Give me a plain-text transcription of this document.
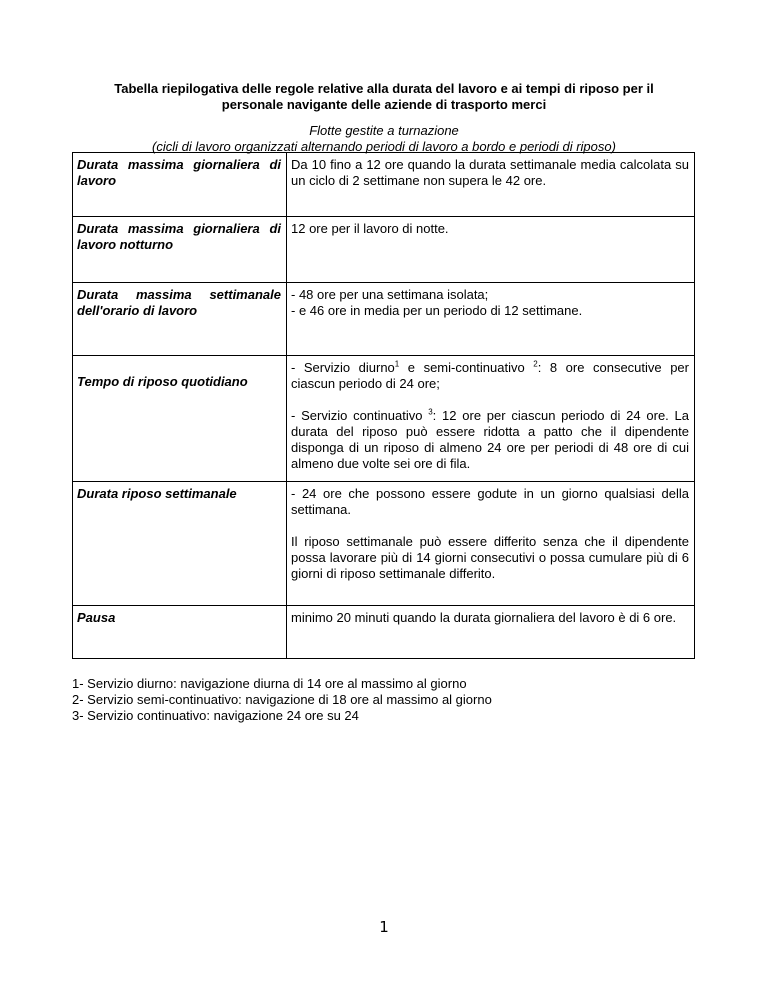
Tabella riepilogativa delle regole relative alla durata del lavoro e ai tempi di riposo per il
personale navigante delle aziende di trasporto merci
Flotte gestite a turnazione
(cicli di lavoro organizzati alternando periodi di lavoro a bordo e periodi di riposo)
Durata massima giornaliera di lavoro	Da 10 fino a 12 ore quando la durata settimanale media calcolata su un ciclo di 2 settimane non supera le 42 ore.
Durata massima giornaliera di lavoro notturno	12 ore per il lavoro di notte.
Durata massima settimanale dell'orario di lavoro	- 48 ore per una settimana isolata;
- e 46 ore in media per un periodo di 12 settimane.

Tempo di riposo quotidiano	- Servizio diurno$^1$ e semi-continuativo $^2$: 8 ore consecutive per ciascun periodo di 24 ore;

- Servizio continuativo $^3$: 12 ore per ciascun periodo di 24 ore. La durata del riposo può essere ridotta a patto che il dipendente disponga di un riposo di almeno 24 ore per periodi di 48 ore di cui almeno due volte sei ore di fila.

Durata riposo settimanale	- 24 ore che possono essere godute in un giorno qualsiasi della settimana.

Il riposo settimanale può essere differito senza che il dipendente possa lavorare più di 14 giorni consecutivi o possa cumulare più di 6 giorni di riposo settimanale differito.

Pausa	minimo 20 minuti quando la durata giornaliera del lavoro è di 6 ore.
1- Servizio diurno: navigazione diurna di 14 ore al massimo al giorno
2- Servizio semi-continuativo: navigazione di 18 ore al massimo al giorno
3- Servizio continuativo: navigazione 24 ore su 24
1
